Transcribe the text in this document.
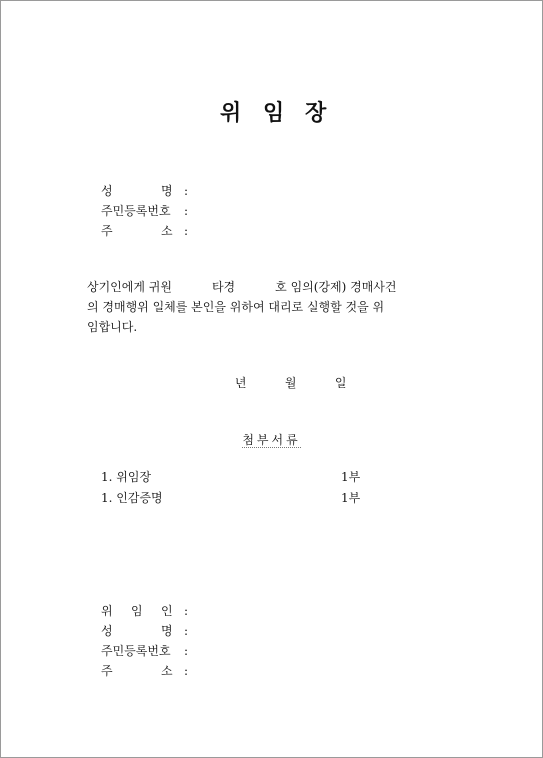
위 임 장
성	명 :
주민등록번호 :
주	소 :
상기인에게 귀원	타경	호 임의(강제) 경매사건
의 경매행위 일체를 본인을 위하여 대리로 실행할 것을 위
임합니다.
년	월	일
첨부서류
1. 위임장	1부
1. 인감증명	1부
위 임 인 :
성	명 :
주민등록번호 :
주	소 :
